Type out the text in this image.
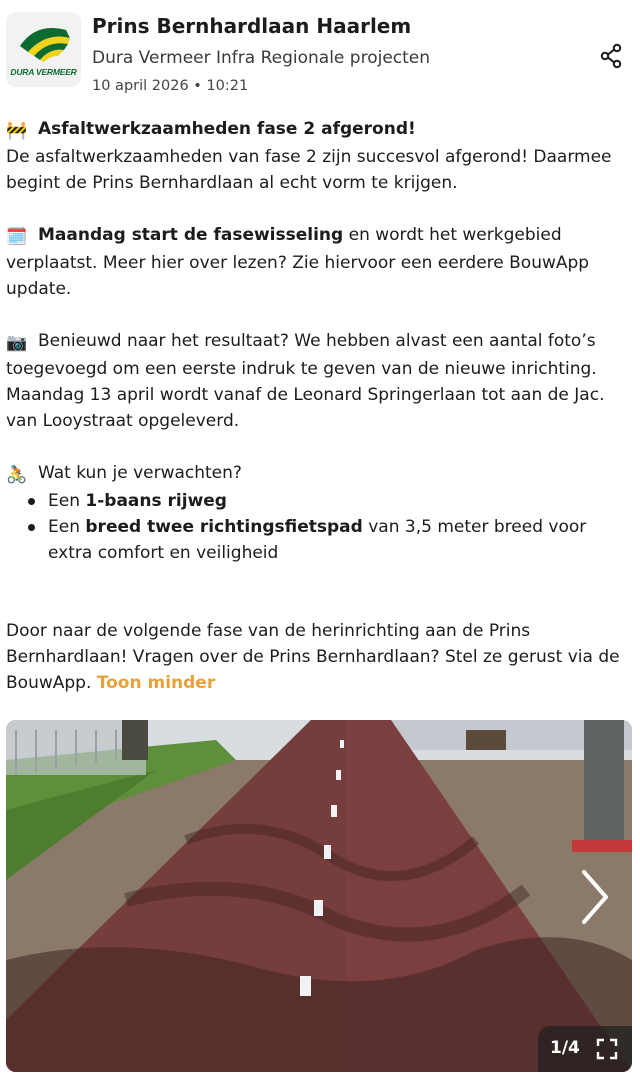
DURA VERMEER
Prins Bernhardlaan Haarlem
Dura Vermeer Infra Regionale projecten
10 april 2026 • 10:21
🚧 Asfaltwerkzaamheden fase 2 afgerond!
De asfaltwerkzaamheden van fase 2 zijn succesvol afgerond! Daarmee begint de Prins Bernhardlaan al echt vorm te krijgen.
🗓️ Maandag start de fasewisseling en wordt het werkgebied verplaatst. Meer hier over lezen? Zie hiervoor een eerdere BouwApp update.
📷 Benieuwd naar het resultaat? We hebben alvast een aantal foto’s toegevoegd om een eerste indruk te geven van de nieuwe inrichting. Maandag 13 april wordt vanaf de Leonard Springerlaan tot aan de Jac. van Looystraat opgeleverd.
🚴 Wat kun je verwachten?
Een 1-baans rijweg
Een breed twee richtingsfietspad van 3,5 meter breed voor extra comfort en veiligheid
Door naar de volgende fase van de herinrichting aan de Prins Bernhardlaan! Vragen over de Prins Bernhardlaan? Stel ze gerust via de BouwApp. Toon minder
1/4
